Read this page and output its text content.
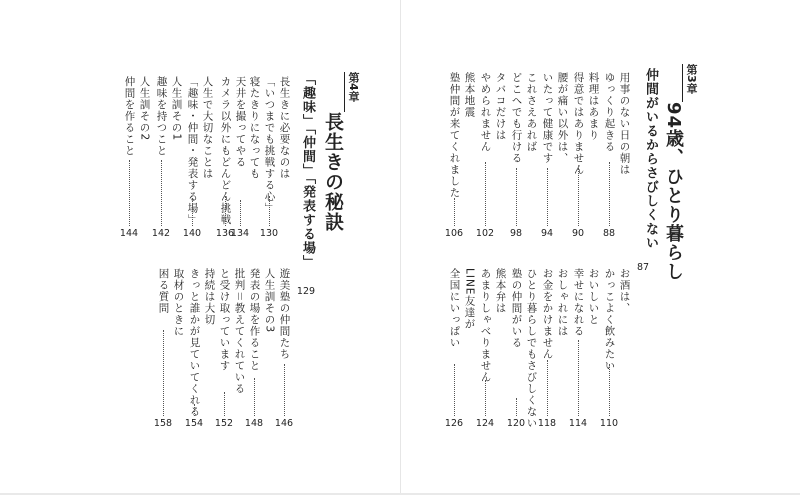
第4章
長生きの秘訣
「趣味」「仲間」「発表する場」
129
長生きに必要なのは
「いつまでも挑戦する心」
130
寝たきりになっても
天井を撮ってやる
134
カメラ以外にもどんどん挑戦
136
人生で大切なことは
「趣味・仲間・発表する場」
140
人生訓その1
趣味を持つこと
142
人生訓その2
仲間を作ること
144
遊美塾の仲間たち
146
人生訓その3
発表の場を作ること
148
批判＝教えてくれている
と受け取っています
152
持続は大切
きっと誰かが見ていてくれる
154
取材のときに
困る質問
158
第3章
94歳、ひとり暮らし
仲間がいるからさびしくない
87
用事のない日の朝は
ゆっくり起きる
88
料理はあまり
得意ではありません
90
腰が痛い以外は、
いたって健康です
94
これさえあれば
どこへでも行ける
98
タバコだけは
やめられません
102
熊本地震
塾仲間が来てくれました
106
お酒は、
かっこよく飲みたい
110
おいしいと
幸せになれる
114
おしゃれには
お金をかけません
118
ひとり暮らしでもさびしくない
塾の仲間がいる
120
熊本弁は
あまりしゃべりません
124
LINE友達が
全国にいっぱい
126
